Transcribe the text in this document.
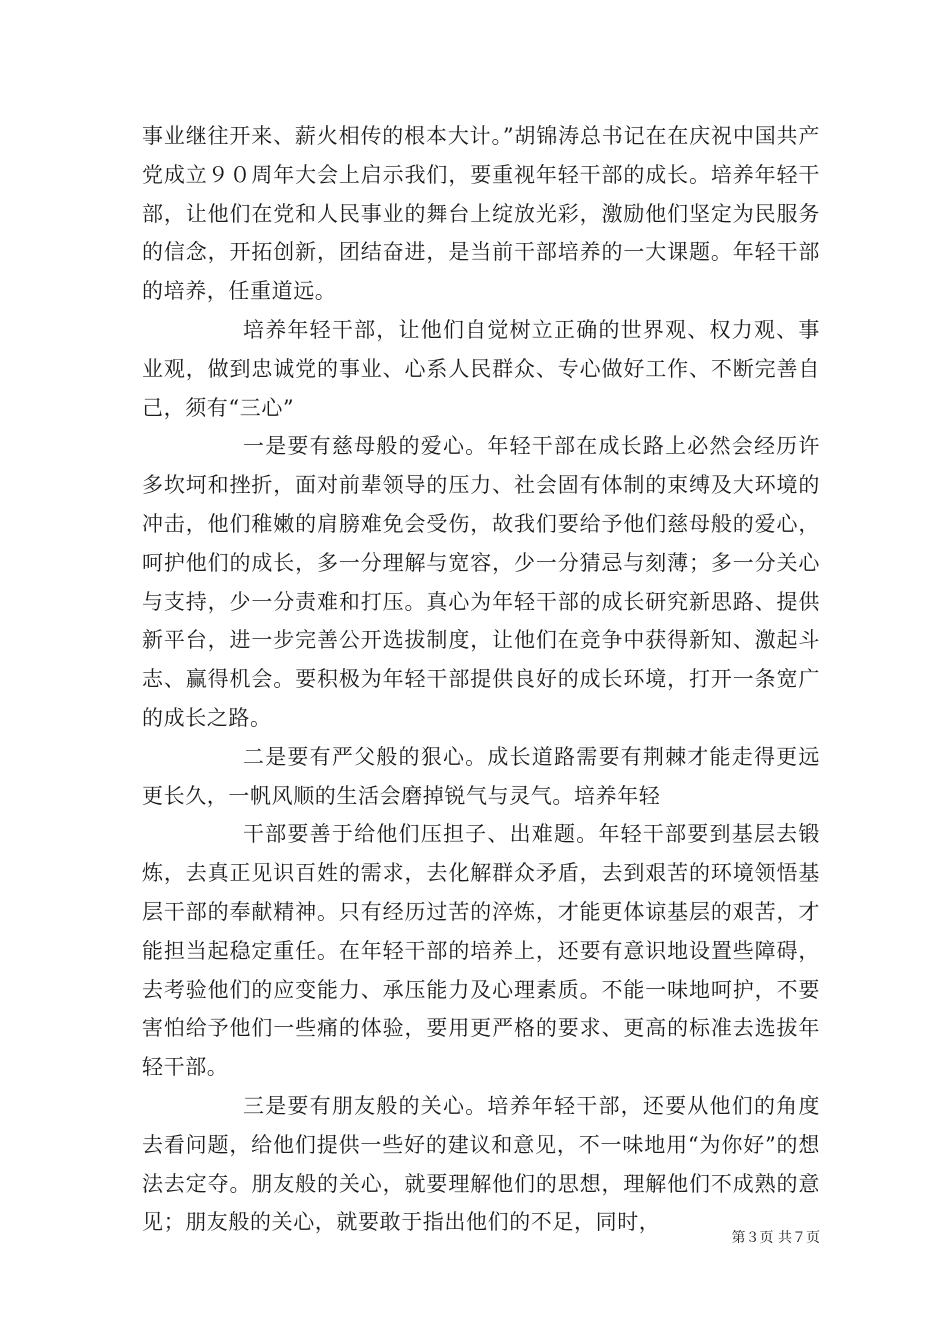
事业继往开来、薪火相传的根本大计。”胡锦涛总书记在在庆祝中国共产党成立９０周年大会上启示我们，要重视年轻干部的成长。培养年轻干部，让他们在党和人民事业的舞台上绽放光彩，激励他们坚定为民服务的信念，开拓创新，团结奋进，是当前干部培养的一大课题。年轻干部的培养，任重道远。

培养年轻干部，让他们自觉树立正确的世界观、权力观、事业观，做到忠诚党的事业、心系人民群众、专心做好工作、不断完善自己，须有“三心”

一是要有慈母般的爱心。年轻干部在成长路上必然会经历许多坎坷和挫折，面对前辈领导的压力、社会固有体制的束缚及大环境的冲击，他们稚嫩的肩膀难免会受伤，故我们要给予他们慈母般的爱心，呵护他们的成长，多一分理解与宽容，少一分猜忌与刻薄；多一分关心与支持，少一分责难和打压。真心为年轻干部的成长研究新思路、提供新平台，进一步完善公开选拔制度，让他们在竞争中获得新知、激起斗志、赢得机会。要积极为年轻干部提供良好的成长环境，打开一条宽广的成长之路。

二是要有严父般的狠心。成长道路需要有荆棘才能走得更远更长久，一帆风顺的生活会磨掉锐气与灵气。培养年轻

干部要善于给他们压担子、出难题。年轻干部要到基层去锻炼，去真正见识百姓的需求，去化解群众矛盾，去到艰苦的环境领悟基层干部的奉献精神。只有经历过苦的淬炼，才能更体谅基层的艰苦，才能担当起稳定重任。在年轻干部的培养上，还要有意识地设置些障碍，去考验他们的应变能力、承压能力及心理素质。不能一味地呵护，不要害怕给予他们一些痛的体验，要用更严格的要求、更高的标准去选拔年轻干部。

三是要有朋友般的关心。培养年轻干部，还要从他们的角度去看问题，给他们提供一些好的建议和意见，不一味地用“为你好”的想法去定夺。朋友般的关心，就要理解他们的思想，理解他们不成熟的意见；朋友般的关心，就要敢于指出他们的不足，同时，

第３页 共７页
